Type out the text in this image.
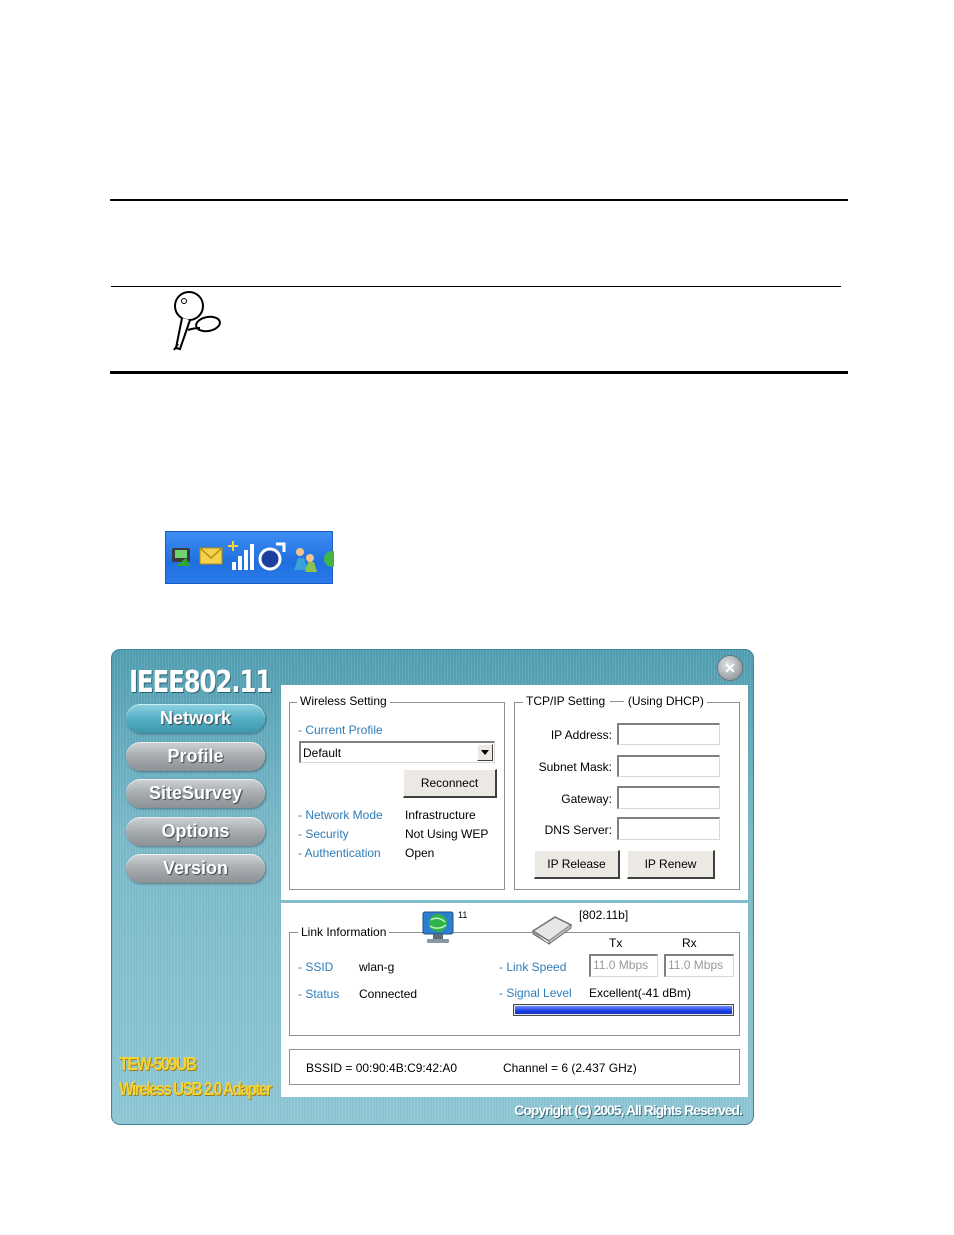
IEEE802.11	✕
Network
Profile
SiteSurvey
Options
Version
TEW-509UB
Wireless USB 2.0 Adapter
Copyright (C) 2005, All Rights Reserved.
Wireless Setting
- Current Profile
Default
Reconnect
- Network Mode Infrastructure
- Security	Not Using WEP
- Authentication Open
TCP/IP Setting (Using DHCP)
IP Address:
Subnet Mask:
Gateway:
DNS Server:
IP Release	IP Renew
Link Information
11	[802.11b]
Tx	Rx
- SSID wlan-g
- Status Connected
- Link Speed	11.0 Mbps	11.0 Mbps
- Signal Level Excellent(-41 dBm)
BSSID = 00:90:4B:C9:42:A0	Channel = 6 (2.437 GHz)
